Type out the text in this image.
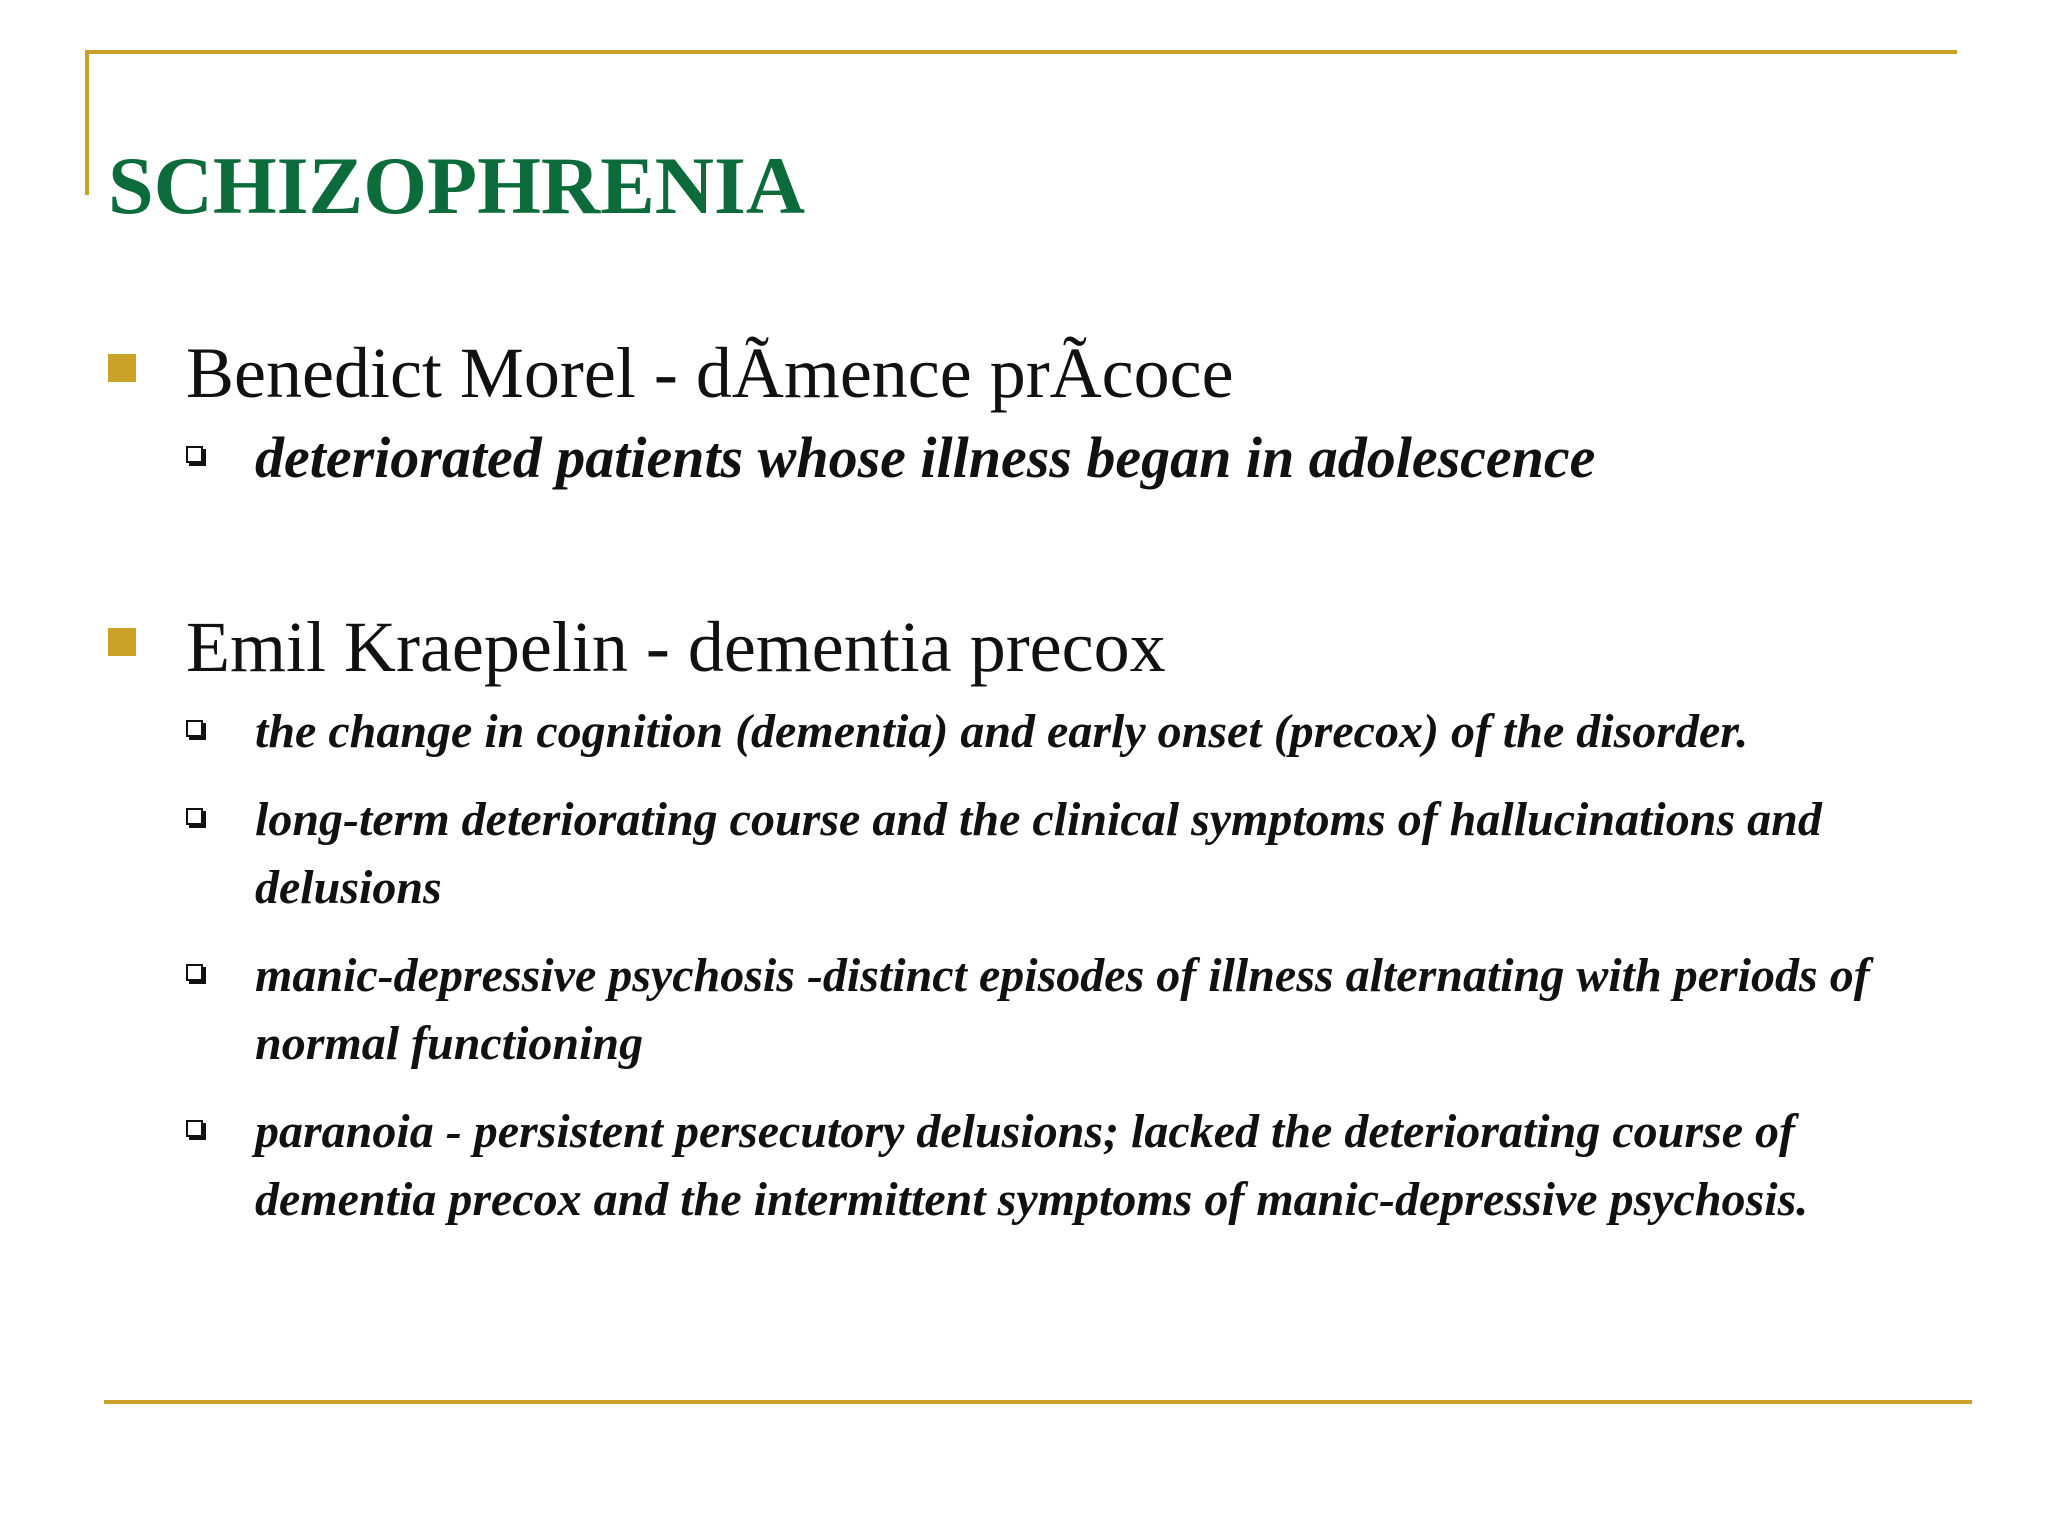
SCHIZOPHRENIA
Benedict Morel - dÃmence prÃcoce
deteriorated patients whose illness began in adolescence
Emil Kraepelin - dementia precox
the change in cognition (dementia) and early onset (precox) of the disorder.
long-term deteriorating course and the clinical symptoms of hallucinations and delusions
manic-depressive psychosis -distinct episodes of illness alternating with periods of normal functioning
paranoia - persistent persecutory delusions; lacked the deteriorating course of dementia precox and the intermittent symptoms of manic-depressive psychosis.
